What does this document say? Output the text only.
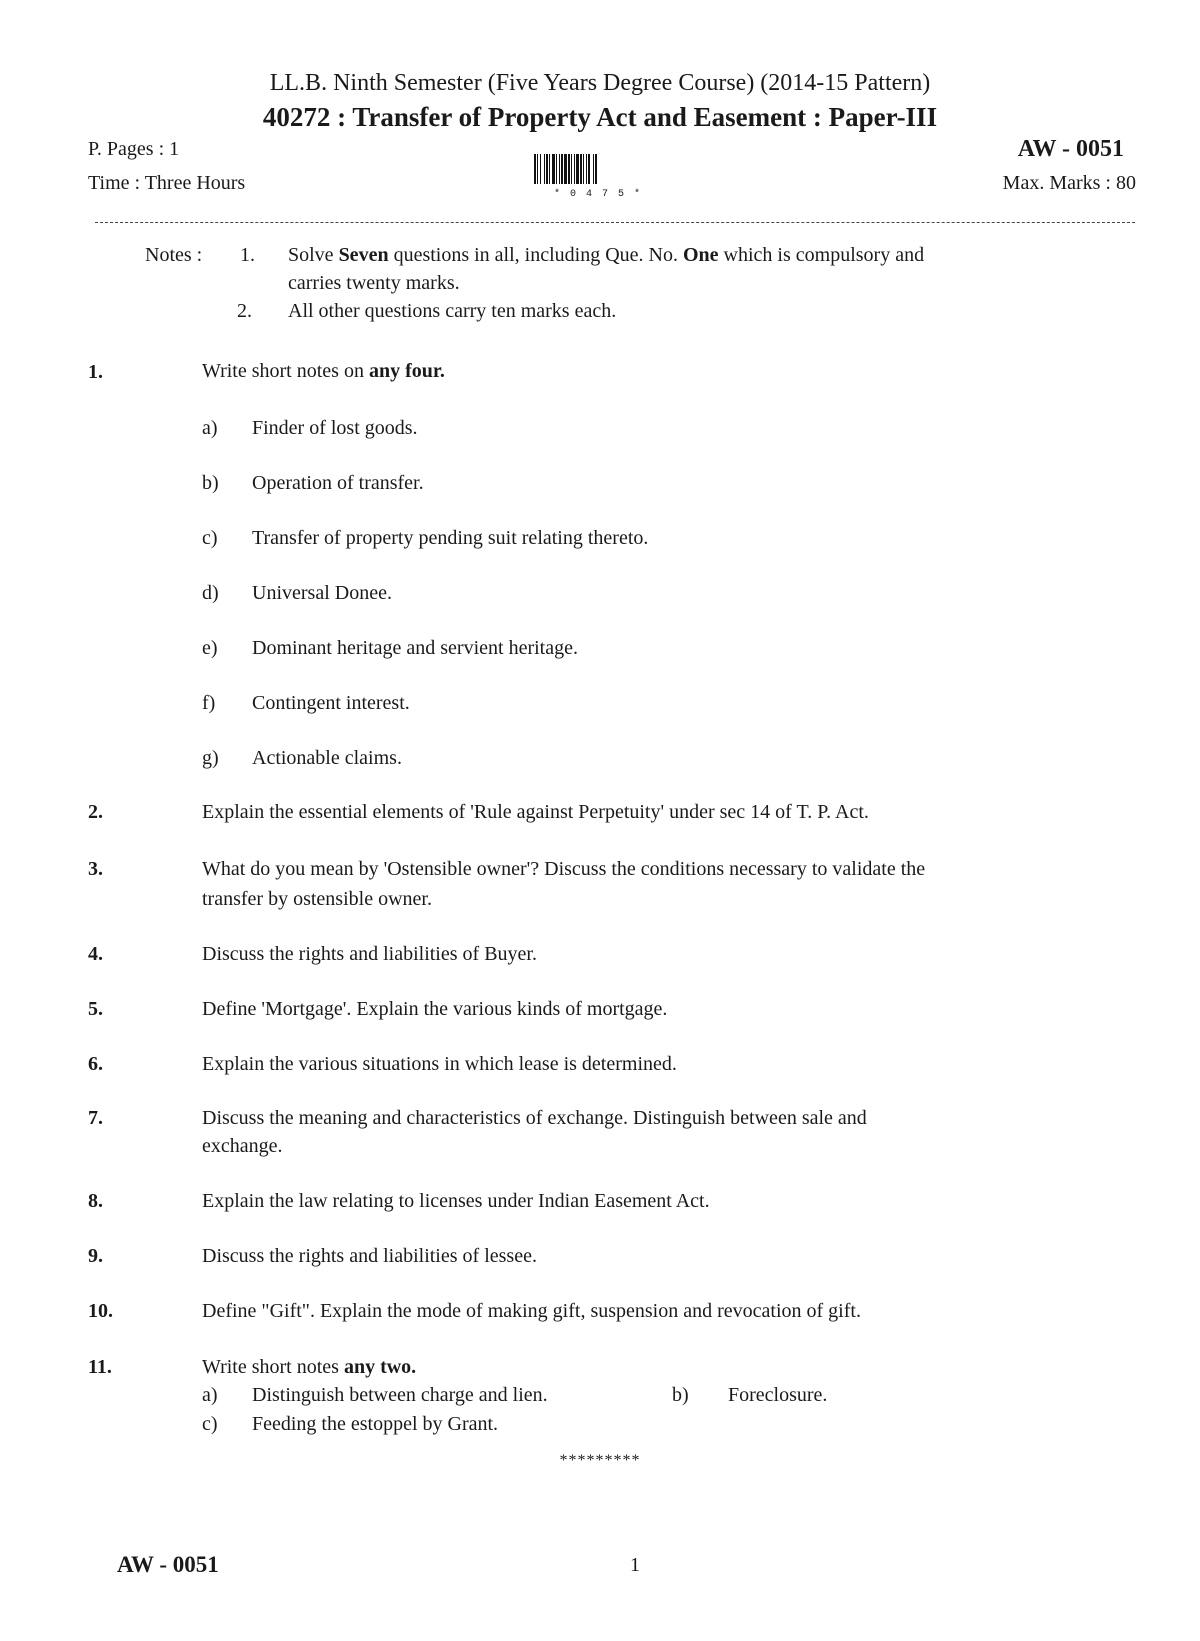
LL.B. Ninth Semester (Five Years Degree Course) (2014-15 Pattern)
40272 : Transfer of Property Act and Easement : Paper-III
P. Pages : 1
Time : Three Hours
AW - 0051
Max. Marks : 80
* 0 4 7 5 *
Notes : 1. Solve Seven questions in all, including Que. No. One which is compulsory and
carries twenty marks.
2. All other questions carry ten marks each.
1.	Write short notes on any four.
a) Finder of lost goods.
b) Operation of transfer.
c) Transfer of property pending suit relating thereto.
d) Universal Donee.
e) Dominant heritage and servient heritage.
f) Contingent interest.
g) Actionable claims.
2.	Explain the essential elements of 'Rule against Perpetuity' under sec 14 of T. P. Act.
3.	What do you mean by 'Ostensible owner'? Discuss the conditions necessary to validate the
transfer by ostensible owner.
4.	Discuss the rights and liabilities of Buyer.
5.	Define 'Mortgage'. Explain the various kinds of mortgage.
6.	Explain the various situations in which lease is determined.
7.	Discuss the meaning and characteristics of exchange. Distinguish between sale and
exchange.
8.	Explain the law relating to licenses under Indian Easement Act.
9.	Discuss the rights and liabilities of lessee.
10.	Define "Gift". Explain the mode of making gift, suspension and revocation of gift.
11.	Write short notes any two.
a) Distinguish between charge and lien.	b) Foreclosure.
c) Feeding the estoppel by Grant.
*********
AW - 0051	1
